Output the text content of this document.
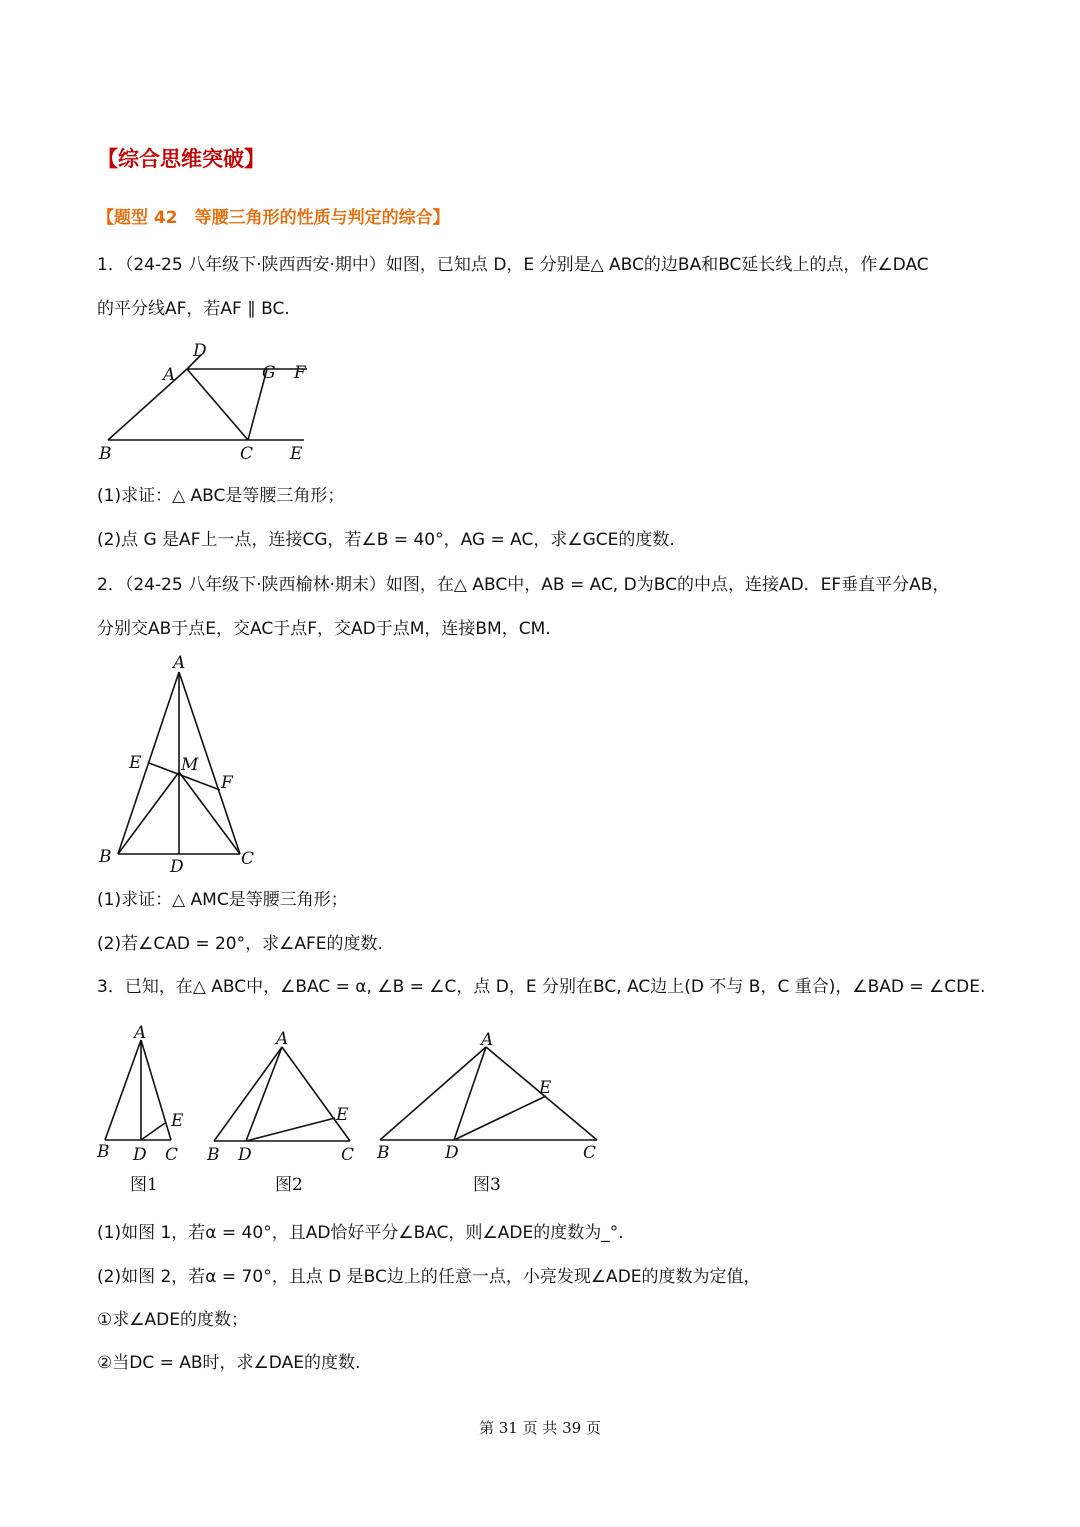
【综合思维突破】
【题型 42　等腰三角形的性质与判定的综合】
1．（24-25 八年级下·陕西西安·期中）如图，已知点 D，E 分别是△ ABC的边BA和BC延长线上的点，作∠DAC
的平分线AF，若AF ∥ BC.
D
A	G F
B	C E
(1)求证：△ ABC是等腰三角形；
(2)点 G 是AF上一点，连接CG，若∠B = 40°，AG = AC，求∠GCE的度数.
2．（24-25 八年级下·陕西榆林·期末）如图，在△ ABC中，AB = AC, D为BC的中点，连接AD．EF垂直平分AB，
分别交AB于点E，交AC于点F，交AD于点M，连接BM，CM.
A
E M
F
B	D	C
(1)求证：△ AMC是等腰三角形；
(2)若∠CAD = 20°，求∠AFE的度数.
3．已知，在△ ABC中，∠BAC = α, ∠B = ∠C，点 D，E 分别在BC, AC边上(D 不与 B，C 重合)，∠BAD = ∠CDE.
A
E
B D C
图1
A
E
B D	C
图2
A
E
B	D	C
图3
(1)如图 1，若α = 40°，且AD恰好平分∠BAC，则∠ADE的度数为_°.
(2)如图 2，若α = 70°，且点 D 是BC边上的任意一点，小亮发现∠ADE的度数为定值，
①求∠ADE的度数；
②当DC = AB时，求∠DAE的度数.
第 31 页 共 39 页
